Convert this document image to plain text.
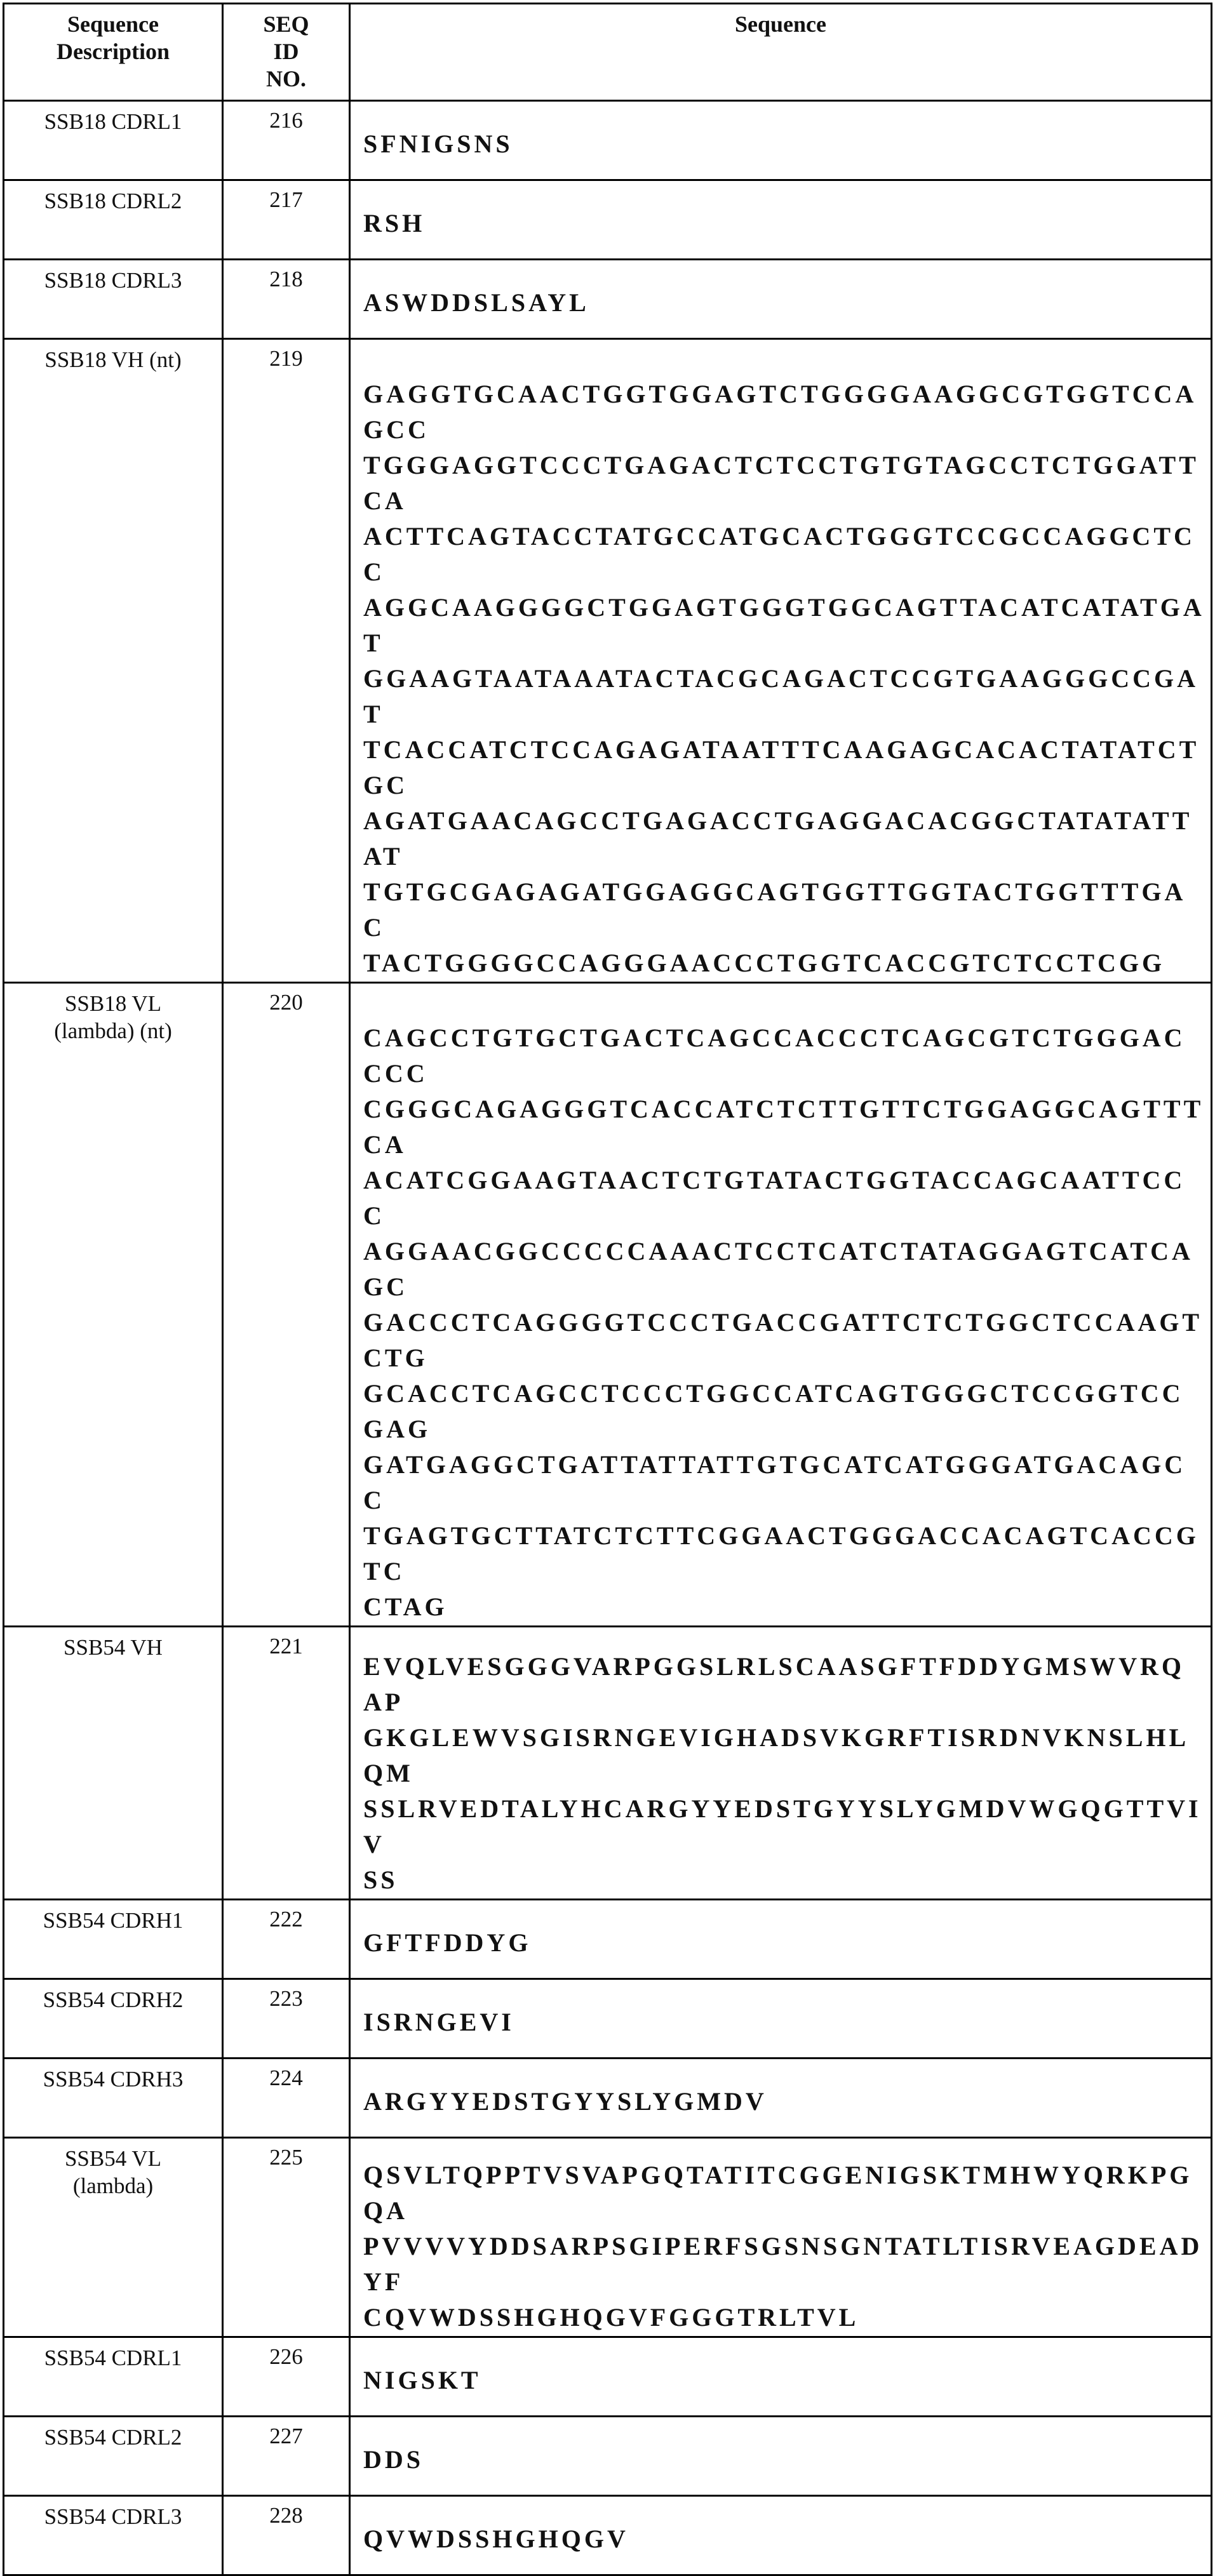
Sequence
Description	SEQ
ID
NO.	Sequence
SSB18 CDRL1	216	SFNIGSNS
SSB18 CDRL2	217	RSH
SSB18 CDRL3	218	ASWDDSLSAYL
SSB18 VH (nt)	219	GAGGTGCAACTGGTGGAGTCTGGGGAAGGCGTGGTCCAGCC
TGGGAGGTCCCTGAGACTCTCCTGTGTAGCCTCTGGATTCA
ACTTCAGTACCTATGCCATGCACTGGGTCCGCCAGGCTCC
AGGCAAGGGGCTGGAGTGGGTGGCAGTTACATCATATGAT
GGAAGTAATAAATACTACGCAGACTCCGTGAAGGGCCGAT
TCACCATCTCCAGAGATAATTTCAAGAGCACACTATATCTGC
AGATGAACAGCCTGAGACCTGAGGACACGGCTATATATTAT
TGTGCGAGAGATGGAGGCAGTGGTTGGTACTGGTTTGAC
TACTGGGGCCAGGGAACCCTGGTCACCGTCTCCTCGG
SSB18 VL
(lambda) (nt)	220	CAGCCTGTGCTGACTCAGCCACCCTCAGCGTCTGGGACCCC
CGGGCAGAGGGTCACCATCTCTTGTTCTGGAGGCAGTTTCA
ACATCGGAAGTAACTCTGTATACTGGTACCAGCAATTCCC
AGGAACGGCCCCCAAACTCCTCATCTATAGGAGTCATCAGC
GACCCTCAGGGGTCCCTGACCGATTCTCTGGCTCCAAGTCTG
GCACCTCAGCCTCCCTGGCCATCAGTGGGCTCCGGTCCGAG
GATGAGGCTGATTATTATTGTGCATCATGGGATGACAGCC
TGAGTGCTTATCTCTTCGGAACTGGGACCACAGTCACCGTC
CTAG
SSB54 VH	221	EVQLVESGGGVARPGGSLRLSCAASGFTFDDYGMSWVRQAP
GKGLEWVSGISRNGEVIGHADSVKGRFTISRDNVKNSLHLQM
SSLRVEDTALYHCARGYYEDSTGYYSLYGMDVWGQGTTVIV
SS
SSB54 CDRH1	222	GFTFDDYG
SSB54 CDRH2	223	ISRNGEVI
SSB54 CDRH3	224	ARGYYEDSTGYYSLYGMDV
SSB54 VL
(lambda)	225	QSVLTQPPTVSVAPGQTATITCGGENIGSKTMHWYQRKPGQA
PVVVVYDDSARPSGIPERFSGSNSGNTATLTISRVEAGDEADYF
CQVWDSSHGHQGVFGGGTRLTVL
SSB54 CDRL1	226	NIGSKT
SSB54 CDRL2	227	DDS
SSB54 CDRL3	228	QVWDSSHGHQGV
